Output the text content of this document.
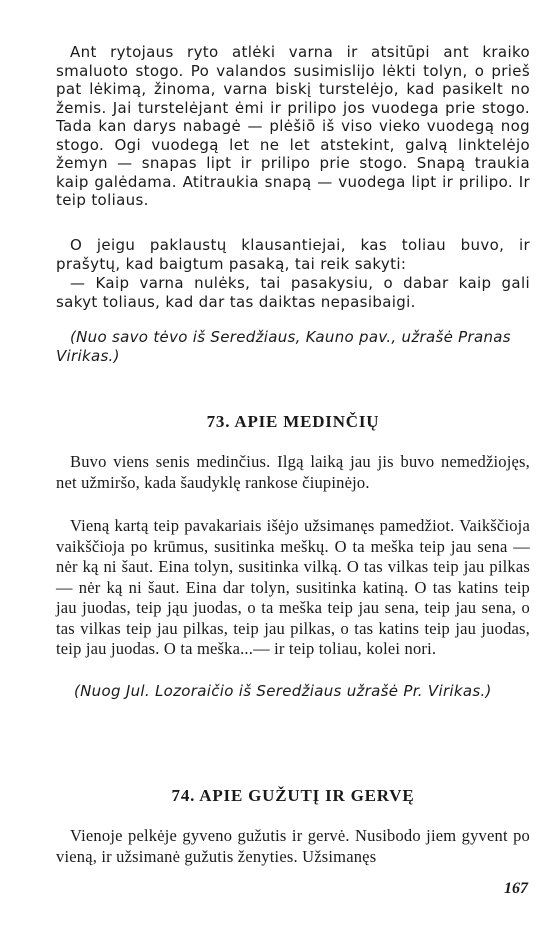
Ant rytojaus ryto atlėki varna ir atsitūpi ant kraiko smaluoto stogo. Po valandos susimislijo lėkti tolyn, o prieš pat lėkimą, žinoma, varna biskį turstelėjo, kad pasikelt no žemis. Jai turstelėjant ėmi ir prilipo jos vuodega prie stogo. Tada kan darys nabagė — plėšiō iš viso vieko vuodegą nog stogo. Ogi vuodegą let ne let atstekint, galvą linktelėjo žemyn — snapas lipt ir prilipo prie stogo. Snapą traukia kaip galėdama. Atitraukia snapą — vuodega lipt ir prilipo. Ir teip toliaus.

O jeigu paklaustų klausantiejai, kas toliau buvo, ir prašytų, kad baigtum pasaką, tai reik sakyti:

— Kaip varna nulėks, tai pasakysiu, o dabar kaip gali sakyt toliaus, kad dar tas daiktas nepasibaigi.

(Nuo savo tėvo iš Seredžiaus, Kauno pav., užrašė Pranas Virikas.)

73. APIE MEDINČIŲ

Buvo viens senis medinčius. Ilgą laiką jau jis buvo nemedžiojęs, net užmiršo, kada šaudyklę rankose čiupinėjo.

Vieną kartą teip pavakariais išėjo užsimanęs pamedžiot. Vaikščioja vaikščioja po krūmus, susitinka meškų. O ta meška teip jau sena — nėr ką ni šaut. Eina tolyn, susitinka vilką. O tas vilkas teip jau pilkas — nėr ką ni šaut. Eina dar tolyn, susitinka katiną. O tas katins teip jau juodas, teip jąu juodas, o ta meška teip jau sena, teip jau sena, o tas vilkas teip jau pilkas, teip jau pilkas, o tas katins teip jau juodas, teip jau juodas. O ta meška...— ir teip toliau, kolei nori.

(Nuog Jul. Lozoraičio iš Seredžiaus užrašė Pr. Virikas.)

74. APIE GUŽUTĮ IR GERVĘ

Vienoje pelkėje gyveno gužutis ir gervė. Nusibodo jiem gyvent po vieną, ir užsimanė gužutis ženyties. Užsimanęs

167
